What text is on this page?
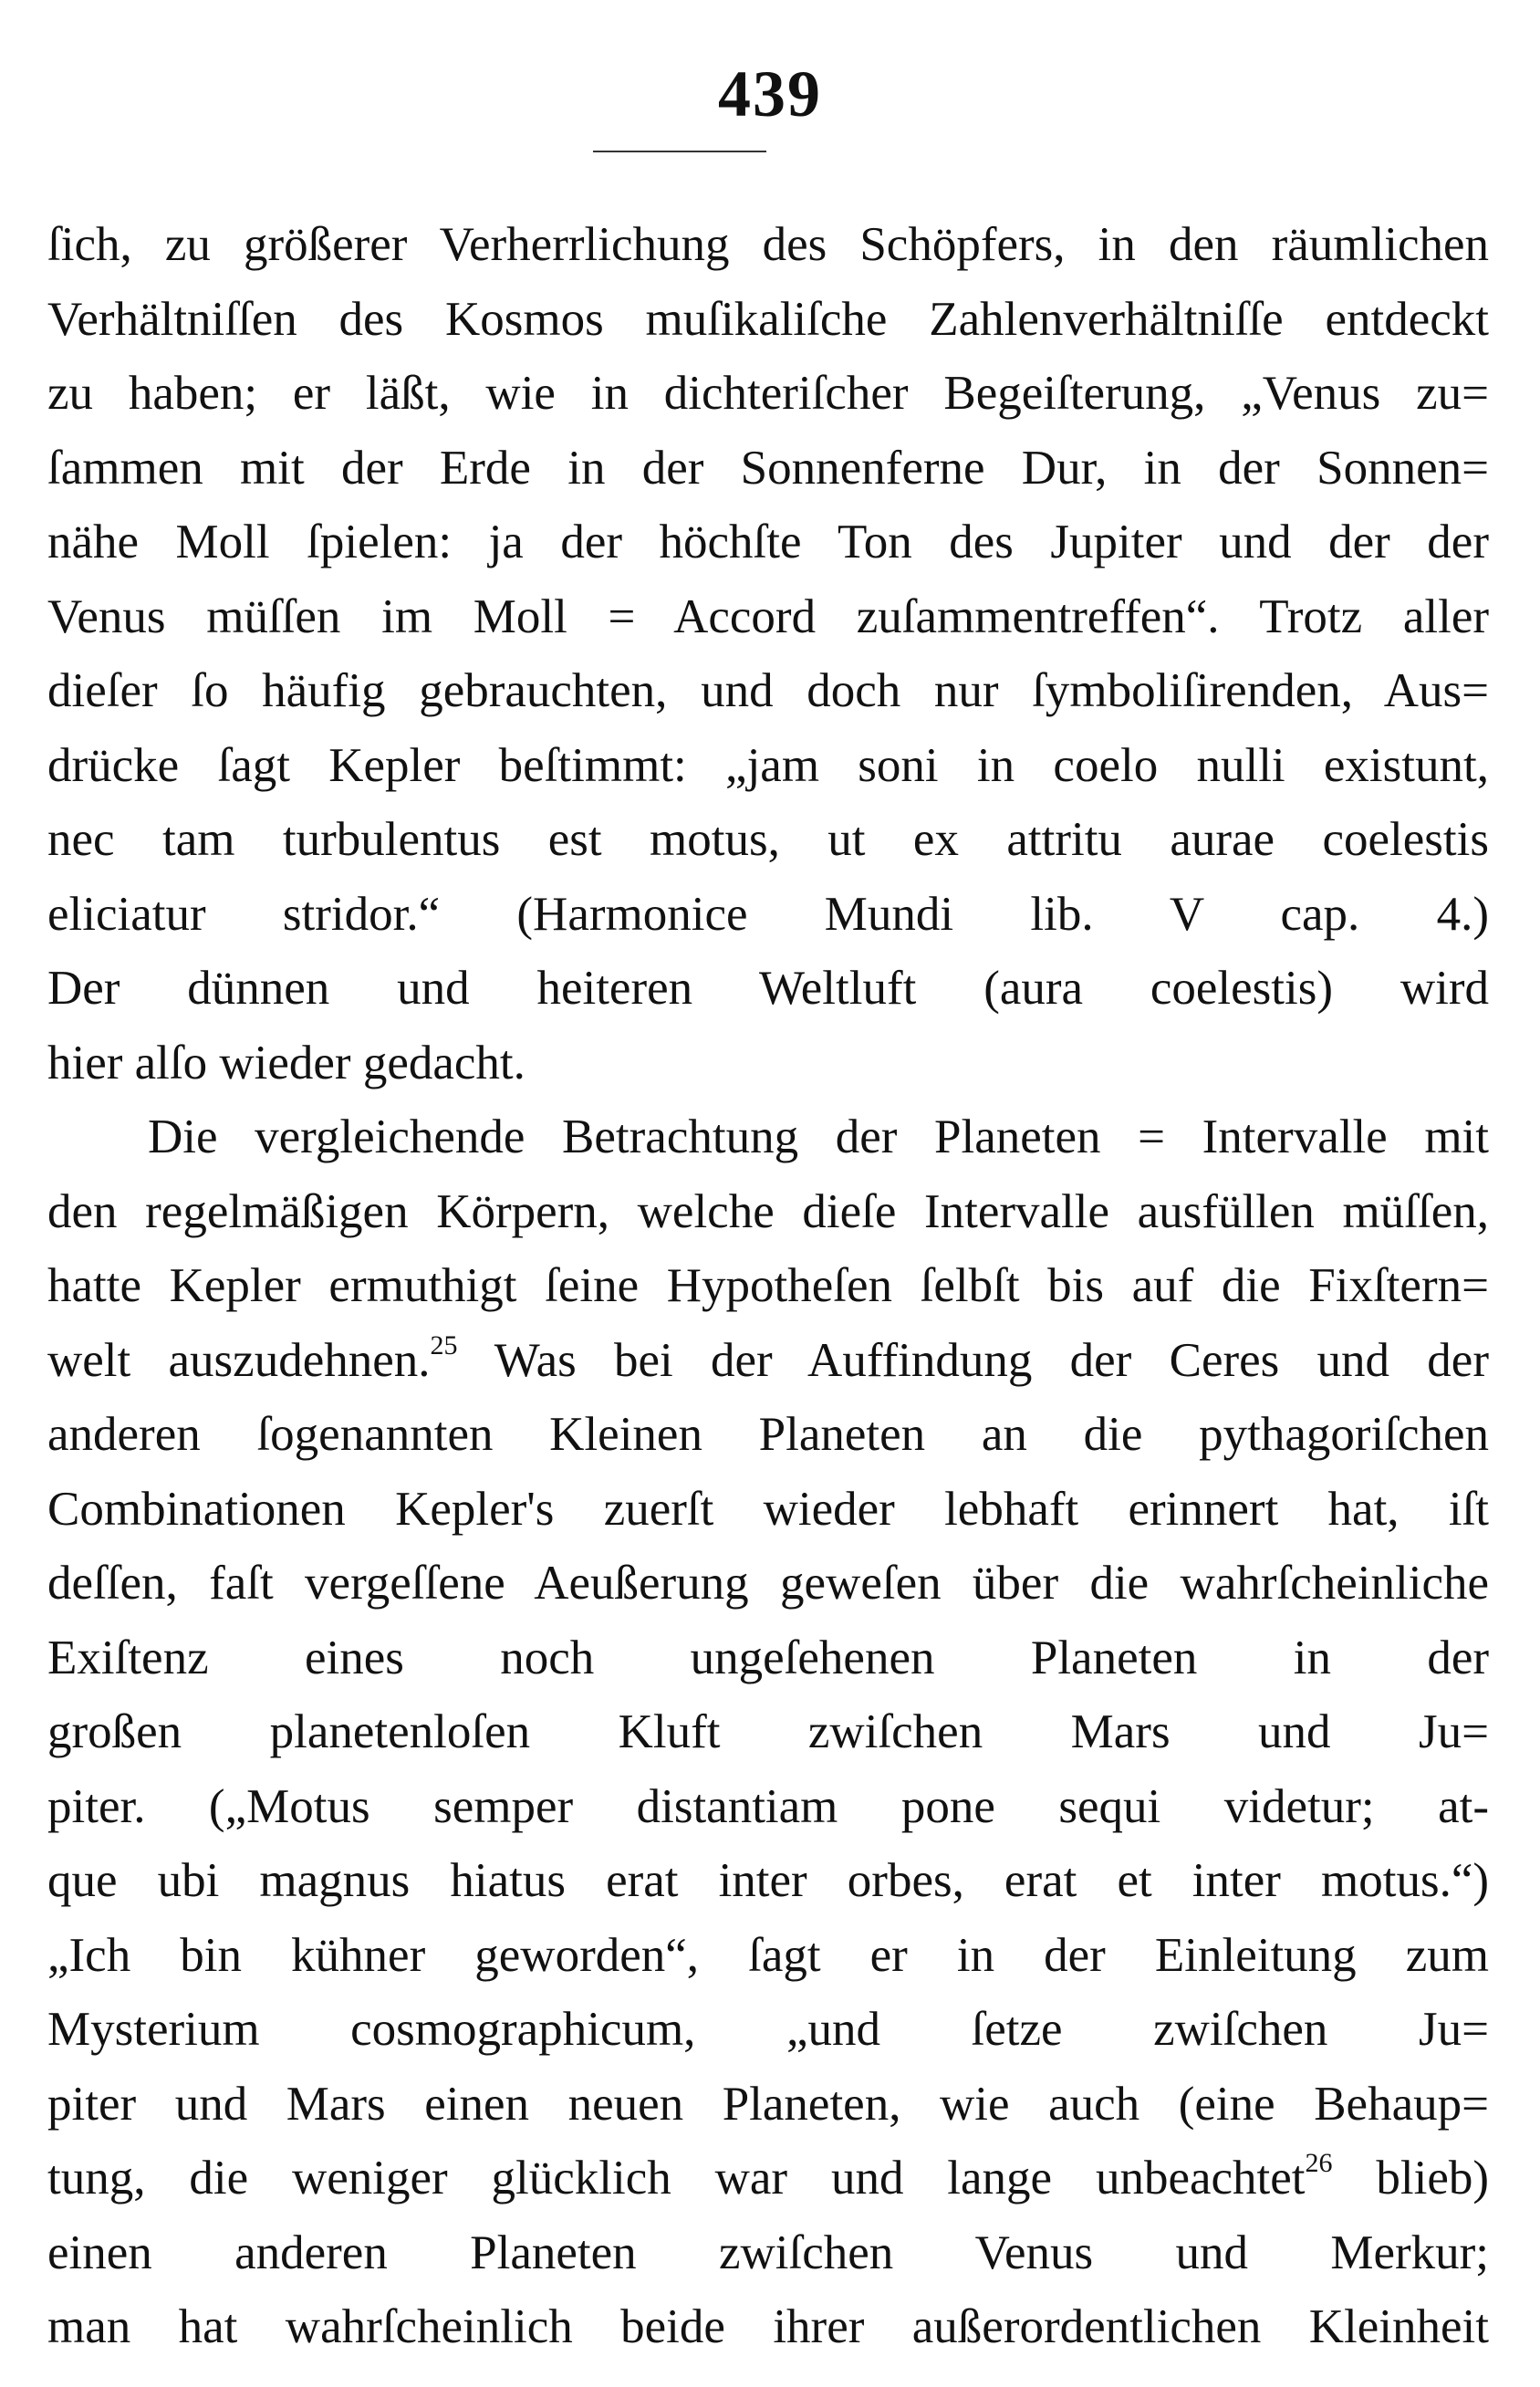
439
ſich, zu größerer Verherrlichung des Schöpfers, in den räumlichen
Verhältniſſen des Kosmos muſikaliſche Zahlenverhältniſſe entdeckt
zu haben; er läßt, wie in dichteriſcher Begeiſterung, „Venus zu=
ſammen mit der Erde in der Sonnenferne Dur, in der Sonnen=
nähe Moll ſpielen: ja der höchſte Ton des Jupiter und der der
Venus müſſen im Moll = Accord zuſammentreffen“. Trotz aller
dieſer ſo häufig gebrauchten, und doch nur ſymboliſirenden, Aus=
drücke ſagt Kepler beſtimmt: „jam soni in coelo nulli existunt,
nec tam turbulentus est motus, ut ex attritu aurae coelestis
eliciatur stridor.“ (Harmonice Mundi lib. V cap. 4.)
Der dünnen und heiteren Weltluft (aura coelestis) wird
hier alſo wieder gedacht.
Die vergleichende Betrachtung der Planeten = Intervalle mit
den regelmäßigen Körpern, welche dieſe Intervalle ausfüllen müſſen,
hatte Kepler ermuthigt ſeine Hypotheſen ſelbſt bis auf die Fixſtern=
welt auszudehnen.$^{25}$ Was bei der Auffindung der Ceres und der
anderen ſogenannten Kleinen Planeten an die pythagoriſchen
Combinationen Kepler's zuerſt wieder lebhaft erinnert hat, iſt
deſſen, faſt vergeſſene Aeußerung geweſen über die wahrſcheinliche
Exiſtenz eines noch ungeſehenen Planeten in der
großen planetenloſen Kluft zwiſchen Mars und Ju=
piter. („Motus semper distantiam pone sequi videtur; at-
que ubi magnus hiatus erat inter orbes, erat et inter motus.“)
„Ich bin kühner geworden“, ſagt er in der Einleitung zum
Mysterium cosmographicum, „und ſetze zwiſchen Ju=
piter und Mars einen neuen Planeten, wie auch (eine Behaup=
tung, die weniger glücklich war und lange unbeachtet$^{26}$ blieb)
einen anderen Planeten zwiſchen Venus und Merkur;
man hat wahrſcheinlich beide ihrer außerordentlichen Kleinheit
